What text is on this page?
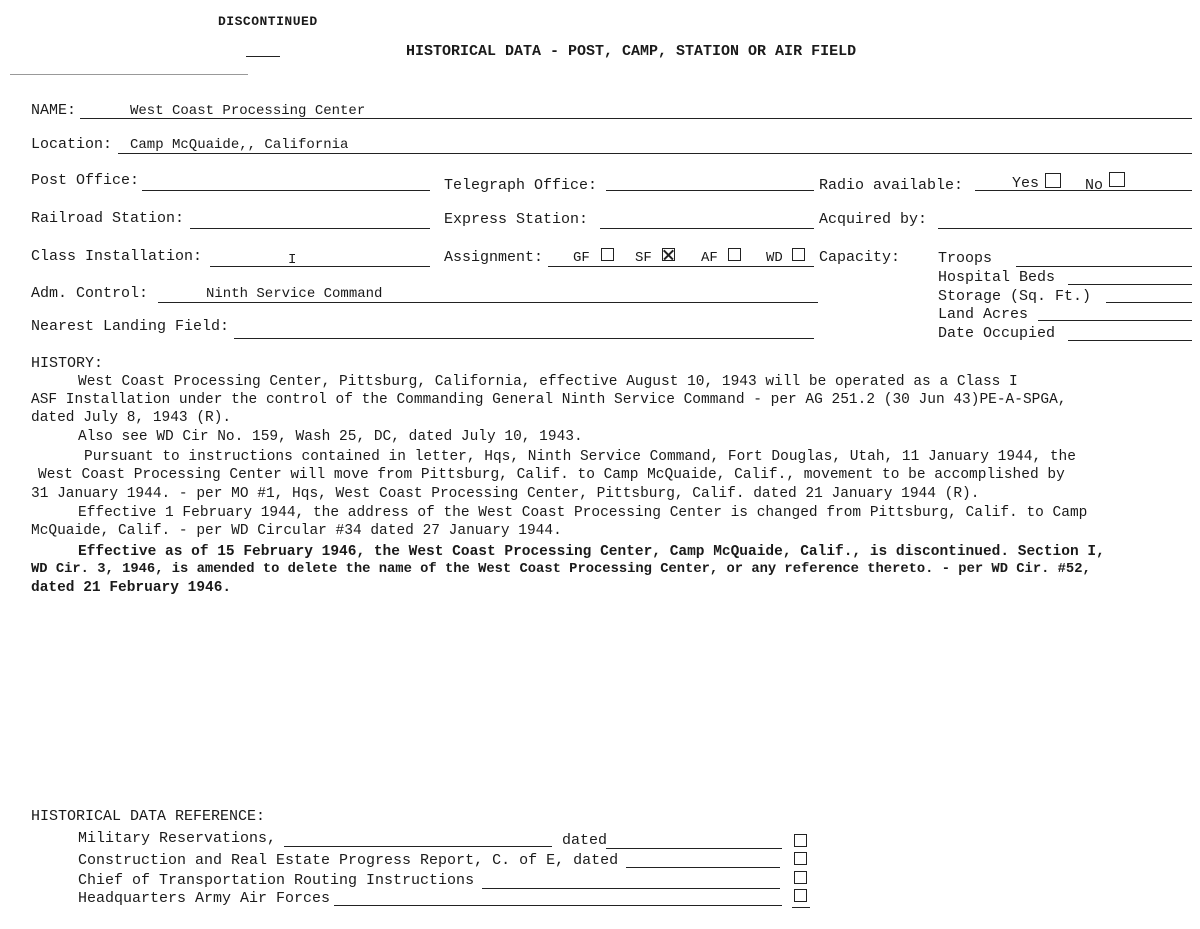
DISCONTINUED
HISTORICAL DATA - POST, CAMP, STATION OR AIR FIELD
NAME:	West Coast Processing Center
Location: Camp McQuaide,, California
Post Office:	Telegraph Office:	Radio available:	Yes	No
Railroad Station:	Express Station:	Acquired by:
Class Installation:	I	Assignment: GF	SF	AF	WD Capacity:	Troops
Hospital Beds
Storage (Sq. Ft.)
Land Acres
Date Occupied
Adm. Control:	Ninth Service Command
Nearest Landing Field:
HISTORY:
West Coast Processing Center, Pittsburg, California, effective August 10, 1943 will be operated as a Class I
ASF Installation under the control of the Commanding General Ninth Service Command - per AG 251.2 (30 Jun 43)PE-A-SPGA,
dated July 8, 1943 (R).
Also see WD Cir No. 159, Wash 25, DC, dated July 10, 1943.
Pursuant to instructions contained in letter, Hqs, Ninth Service Command, Fort Douglas, Utah, 11 January 1944, the
West Coast Processing Center will move from Pittsburg, Calif. to Camp McQuaide, Calif., movement to be accomplished by
31 January 1944. - per MO #1, Hqs, West Coast Processing Center, Pittsburg, Calif. dated 21 January 1944 (R).
Effective 1 February 1944, the address of the West Coast Processing Center is changed from Pittsburg, Calif. to Camp
McQuaide, Calif. - per WD Circular #34 dated 27 January 1944.
Effective as of 15 February 1946, the West Coast Processing Center, Camp McQuaide, Calif., is discontinued. Section I,
WD Cir. 3, 1946, is amended to delete the name of the West Coast Processing Center, or any reference thereto. - per WD Cir. #52,
dated 21 February 1946.
HISTORICAL DATA REFERENCE:
Military Reservations,	dated
Construction and Real Estate Progress Report, C. of E, dated
Chief of Transportation Routing Instructions
Headquarters Army Air Forces
